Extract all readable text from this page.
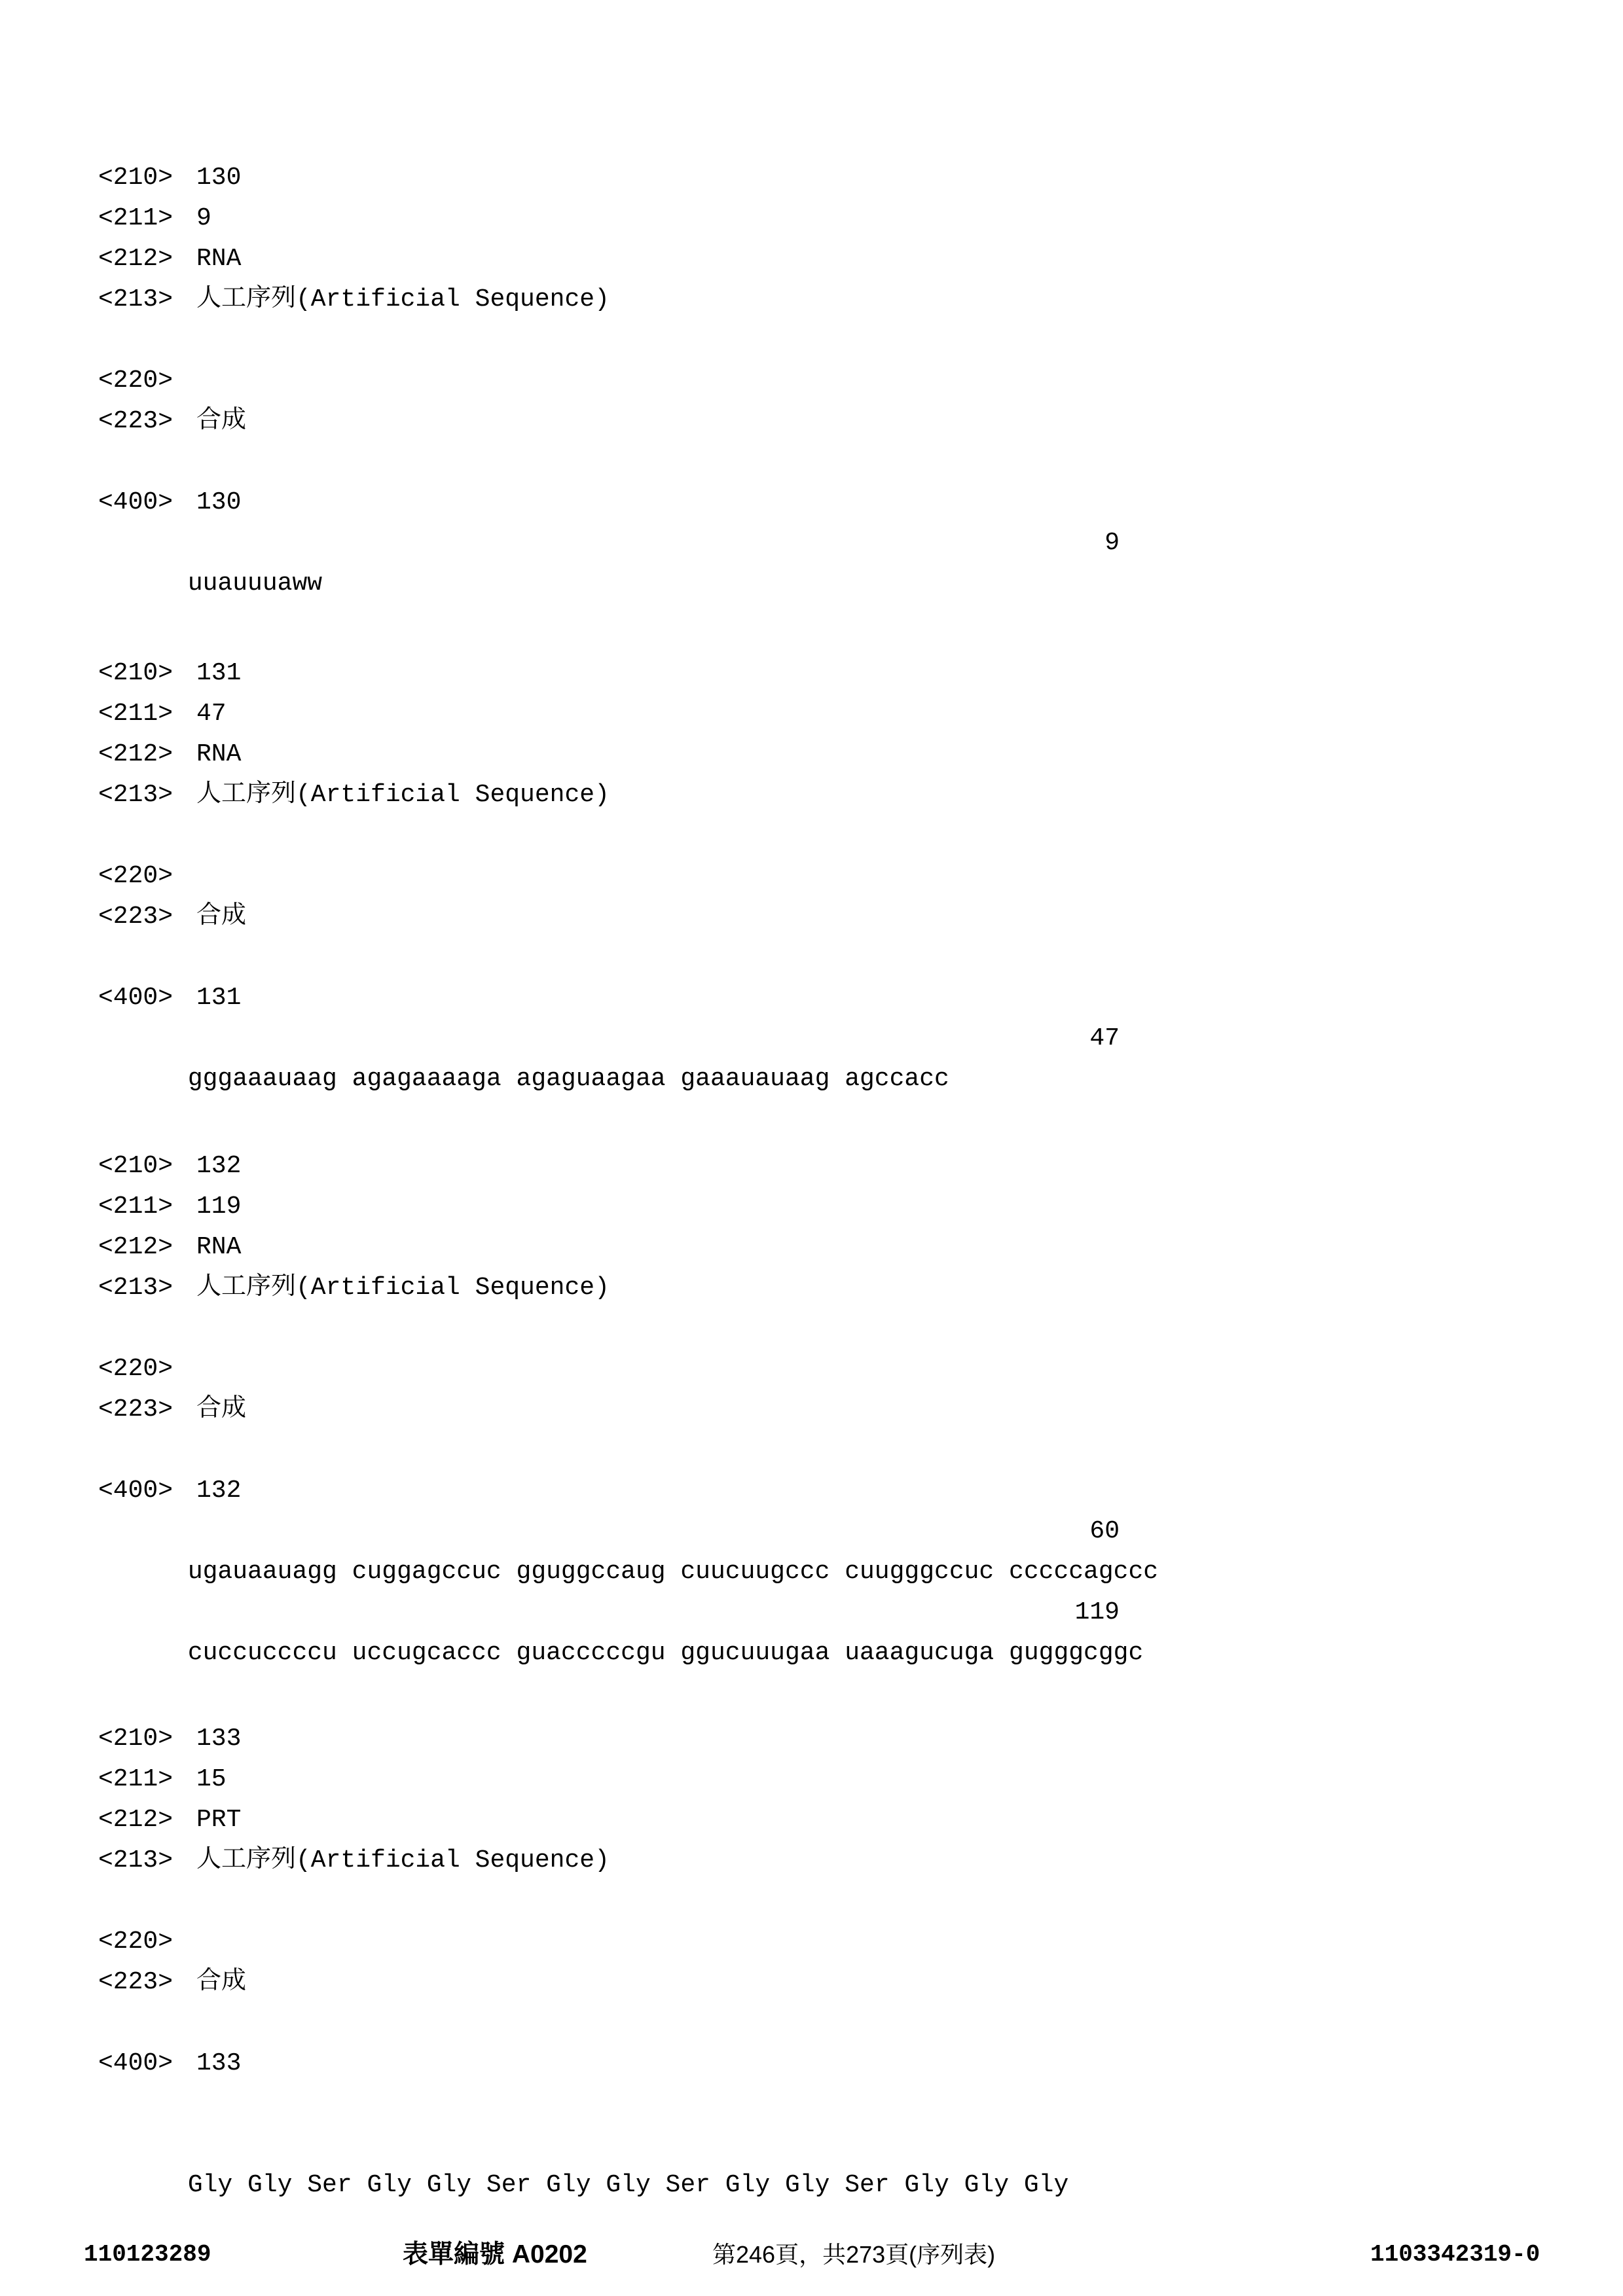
<210> 130
<211> 9
<212> RNA
<213> 人工序列(Artificial Sequence)
<220>
<223> 合成
<400> 130

uuauuuaww

9

<210> 131
<211> 47
<212> RNA
<213> 人工序列(Artificial Sequence)
<220>
<223> 合成
<400> 131

gggaaauaag agagaaaaga agaguaagaa gaaauauaag agccacc

47

<210> 132
<211> 119
<212> RNA
<213> 人工序列(Artificial Sequence)
<220>
<223> 合成
<400> 132

ugauaauagg cuggagccuc gguggccaug cuucuugccc cuugggccuc cccccagccc

60

cuccuccccu uccugcaccc guacccccgu ggucuuugaa uaaagucuga gugggcggc

119

<210> 133
<211> 15
<212> PRT
<213> 人工序列(Artificial Sequence)
<220>
<223> 合成
<400> 133

Gly Gly Ser Gly Gly Ser Gly Gly Ser Gly Gly Ser Gly Gly Gly

110123289	表單編號 A0202	第246頁，共273頁(序列表)	1103342319-0
